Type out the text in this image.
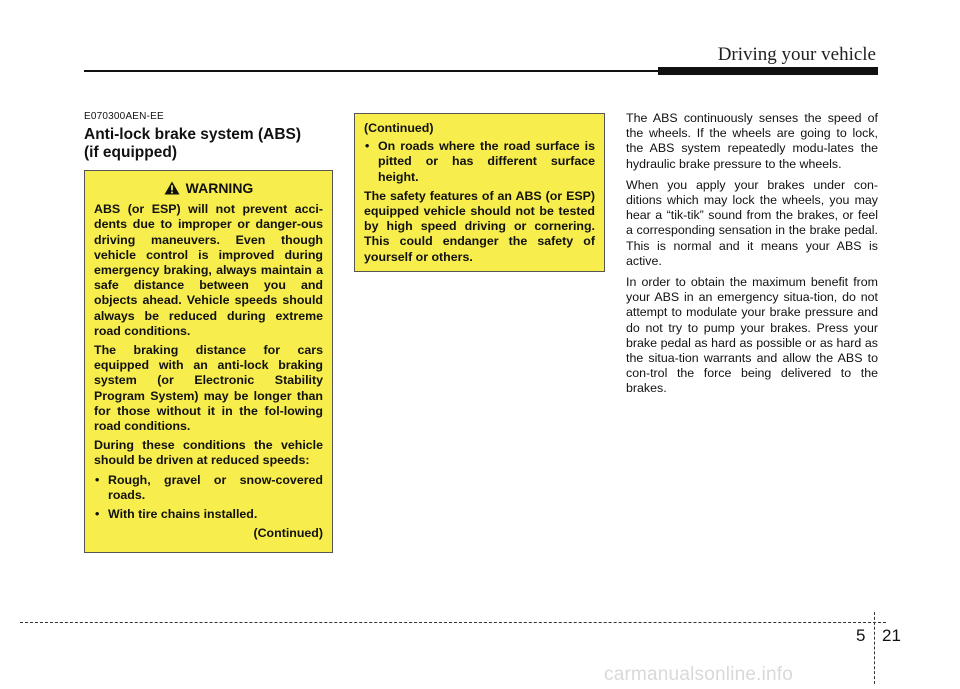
Driving your vehicle
E070300AEN-EE
Anti-lock brake system (ABS)
(if equipped)
WARNING
ABS (or ESP) will not prevent acci-dents due to improper or danger-ous driving maneuvers. Even though vehicle control is improved during emergency braking, always maintain a safe distance between you and objects ahead. Vehicle speeds should always be reduced during extreme road conditions.
The braking distance for cars equipped with an anti-lock braking system (or Electronic Stability Program System) may be longer than for those without it in the fol-lowing road conditions.
During these conditions the vehicle should be driven at reduced speeds:
• Rough, gravel or snow-covered roads.
• With tire chains installed.
(Continued)
(Continued)
• On roads where the road surface is pitted or has different surface height.
The safety features of an ABS (or ESP) equipped vehicle should not be tested by high speed driving or cornering. This could endanger the safety of yourself or others.

The ABS continuously senses the speed of the wheels. If the wheels are going to lock, the ABS system repeatedly modu-lates the hydraulic brake pressure to the wheels.

When you apply your brakes under con-ditions which may lock the wheels, you may hear a “tik-tik” sound from the brakes, or feel a corresponding sensation in the brake pedal. This is normal and it means your ABS is active.

In order to obtain the maximum benefit from your ABS in an emergency situa-tion, do not attempt to modulate your brake pressure and do not try to pump your brakes. Press your brake pedal as hard as possible or as hard as the situa-tion warrants and allow the ABS to con-trol the force being delivered to the brakes.

5 21
carmanualsonline.info
